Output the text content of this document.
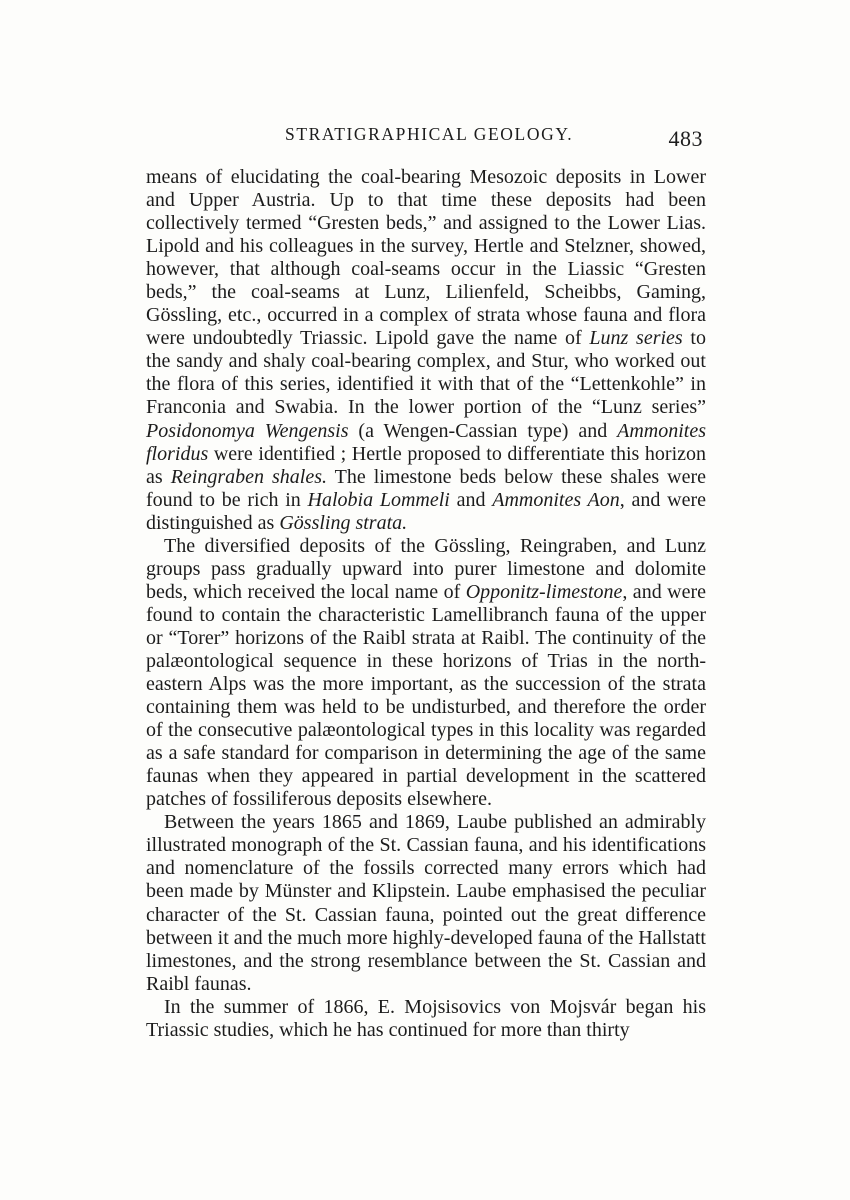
STRATIGRAPHICAL GEOLOGY.	483

means of elucidating the coal-bearing Mesozoic deposits in Lower and Upper Austria. Up to that time these deposits had been collectively termed “Gresten beds,” and assigned to the Lower Lias. Lipold and his colleagues in the survey, Hertle and Stelzner, showed, however, that although coal-seams occur in the Liassic “Gresten beds,” the coal-seams at Lunz, Lilienfeld, Scheibbs, Gaming, Gössling, etc., occurred in a complex of strata whose fauna and flora were undoubtedly Triassic. Lipold gave the name of Lunz series to the sandy and shaly coal-bearing complex, and Stur, who worked out the flora of this series, identified it with that of the “Lettenkohle” in Franconia and Swabia. In the lower portion of the “Lunz series” Posidonomya Wengensis (a Wengen-Cassian type) and Ammonites floridus were identified ; Hertle proposed to differentiate this horizon as Reingraben shales. The limestone beds below these shales were found to be rich in Halobia Lommeli and Ammonites Aon, and were distinguished as Gössling strata.

The diversified deposits of the Gössling, Reingraben, and Lunz groups pass gradually upward into purer limestone and dolomite beds, which received the local name of Opponitz-limestone, and were found to contain the characteristic Lamellibranch fauna of the upper or “Torer” horizons of the Raibl strata at Raibl. The continuity of the palæontological sequence in these horizons of Trias in the north-eastern Alps was the more important, as the succession of the strata containing them was held to be undisturbed, and therefore the order of the consecutive palæontological types in this locality was regarded as a safe standard for comparison in determining the age of the same faunas when they appeared in partial development in the scattered patches of fossiliferous deposits elsewhere.

Between the years 1865 and 1869, Laube published an admirably illustrated monograph of the St. Cassian fauna, and his identifications and nomenclature of the fossils corrected many errors which had been made by Münster and Klipstein. Laube emphasised the peculiar character of the St. Cassian fauna, pointed out the great difference between it and the much more highly-developed fauna of the Hallstatt limestones, and the strong resemblance between the St. Cassian and Raibl faunas.

In the summer of 1866, E. Mojsisovics von Mojsvár began his Triassic studies, which he has continued for more than thirty
